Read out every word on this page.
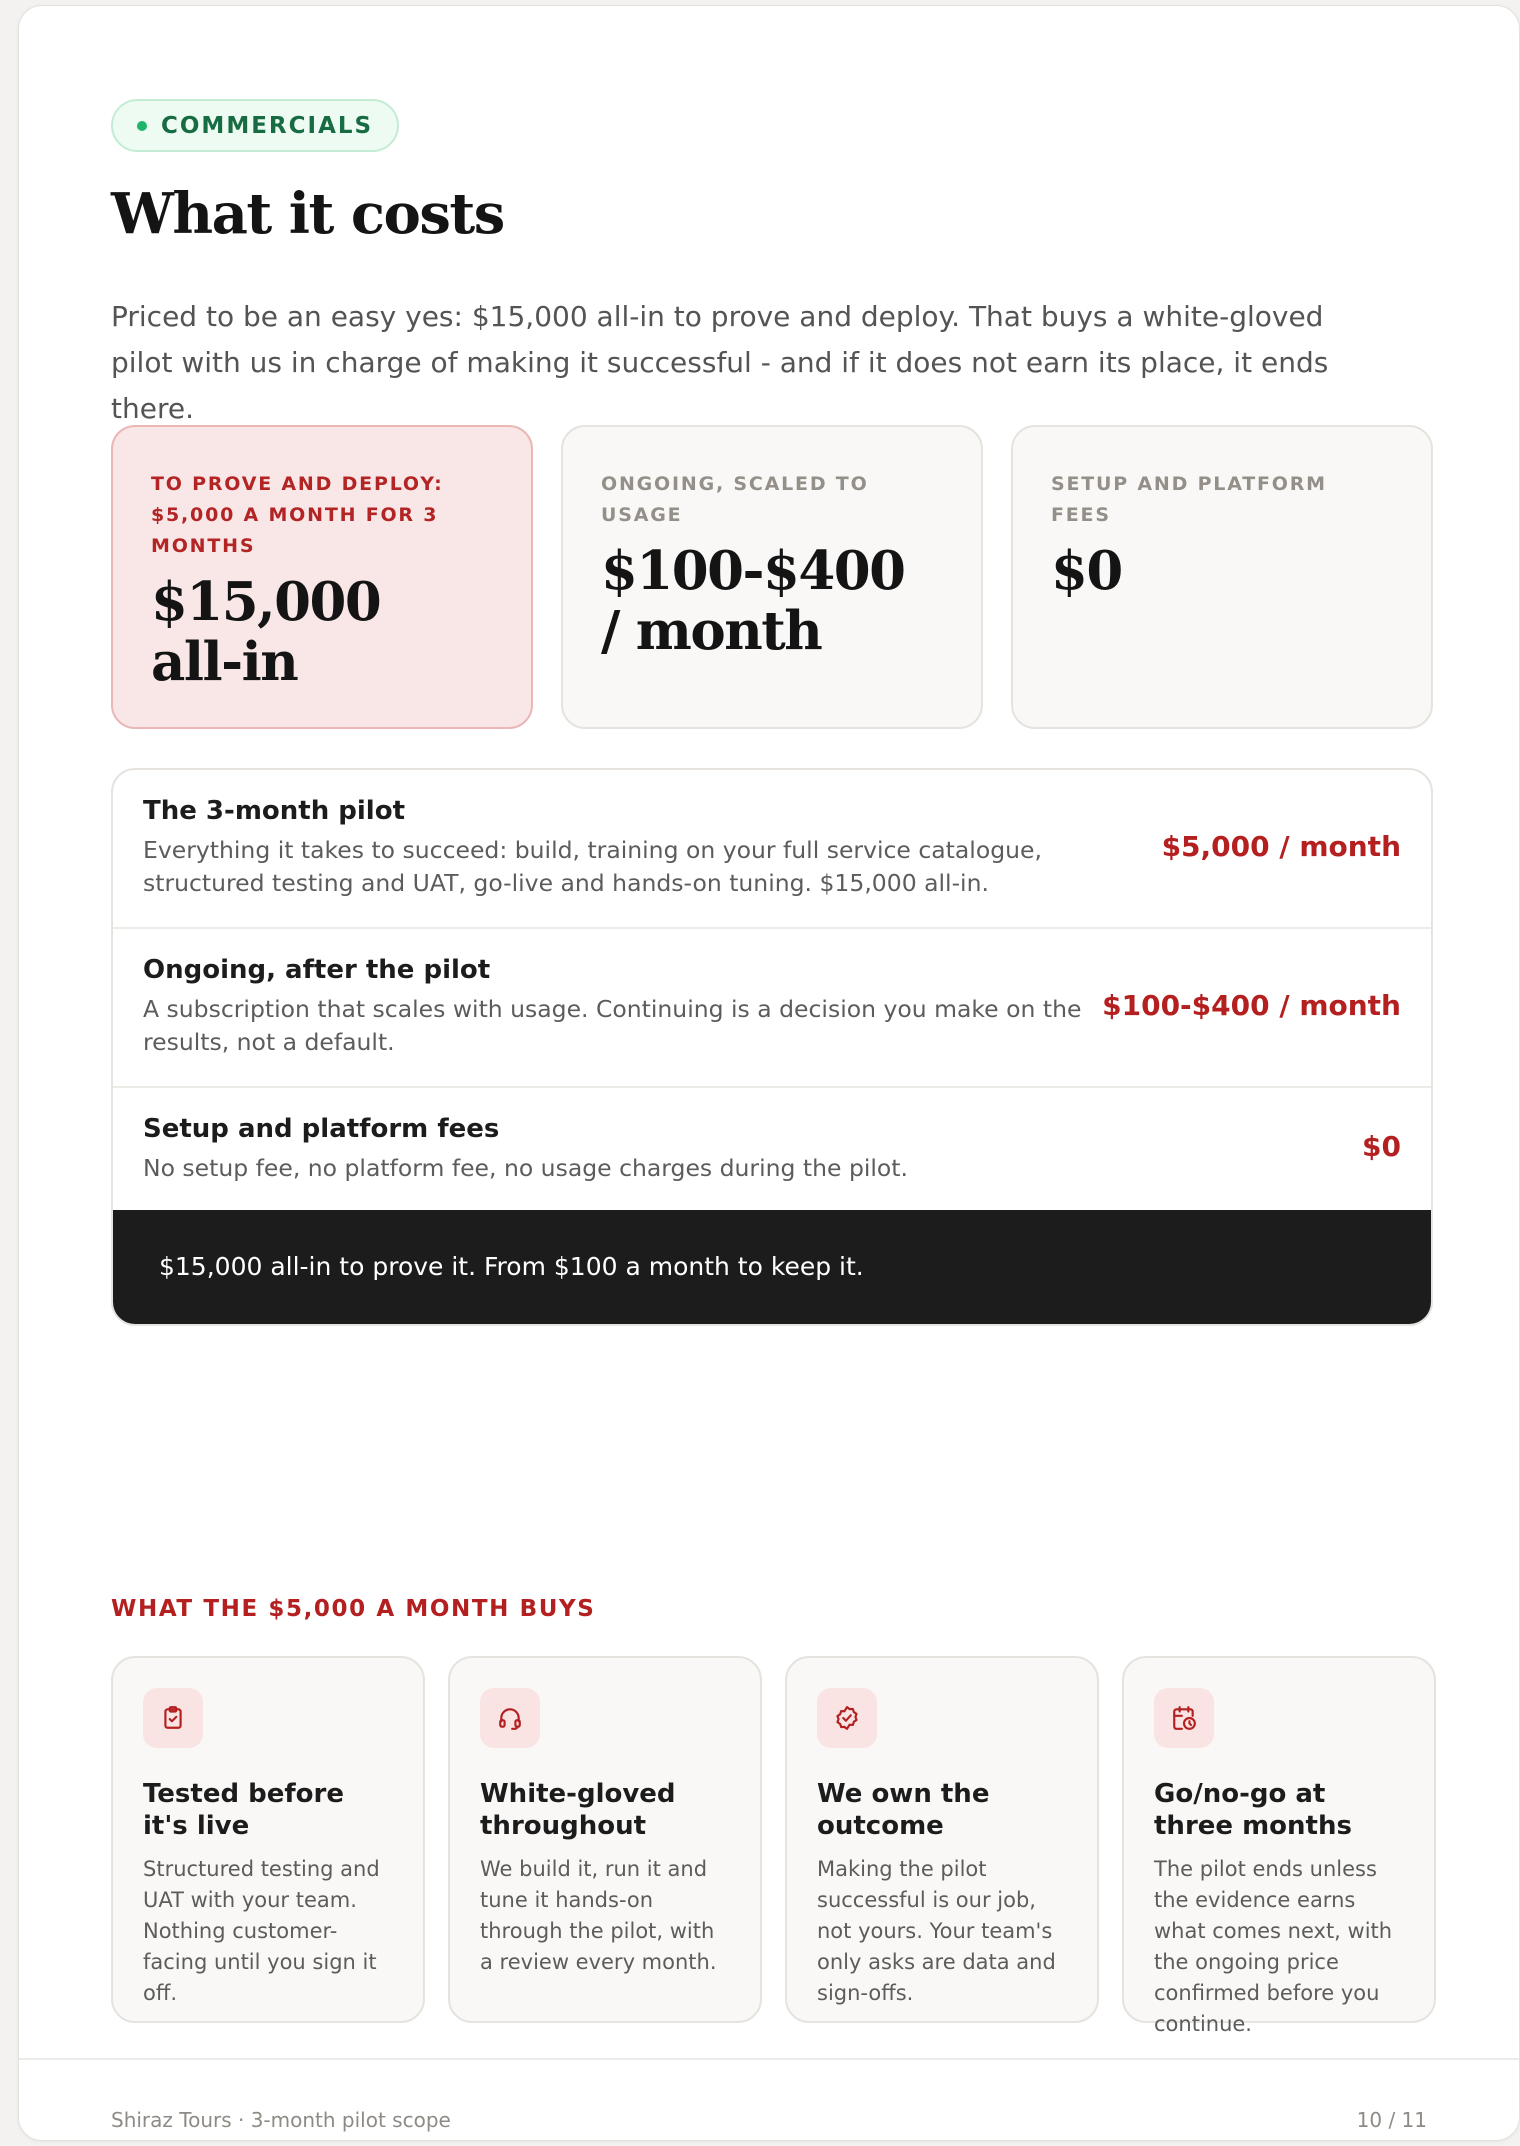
COMMERCIALS
What it costs

Priced to be an easy yes: $15,000 all-in to prove and deploy. That buys a white-gloved pilot with us in charge of making it successful - and if it does not earn its place, it ends there.

TO PROVE AND DEPLOY: $5,000 A MONTH FOR 3 MONTHS
$15,000 all-in
ONGOING, SCALED TO USAGE
$100-$400 / month
SETUP AND PLATFORM FEES
$0
The 3-month pilot
Everything it takes to succeed: build, training on your full service catalogue, structured testing and UAT, go-live and hands-on tuning. $15,000 all-in.
$5,000 / month
Ongoing, after the pilot
A subscription that scales with usage. Continuing is a decision you make on the results, not a default.
$100-$400 / month
Setup and platform fees
No setup fee, no platform fee, no usage charges during the pilot.
$0
$15,000 all-in to prove it. From $100 a month to keep it.
WHAT THE $5,000 A MONTH BUYS
Tested before it's live
Structured testing and UAT with your team. Nothing customer-facing until you sign it off.
White-gloved throughout
We build it, run it and tune it hands-on through the pilot, with a review every month.
We own the outcome
Making the pilot successful is our job, not yours. Your team's only asks are data and sign-offs.
Go/no-go at three months
The pilot ends unless the evidence earns what comes next, with the ongoing price confirmed before you continue.
Shiraz Tours · 3-month pilot scope	10 / 11
